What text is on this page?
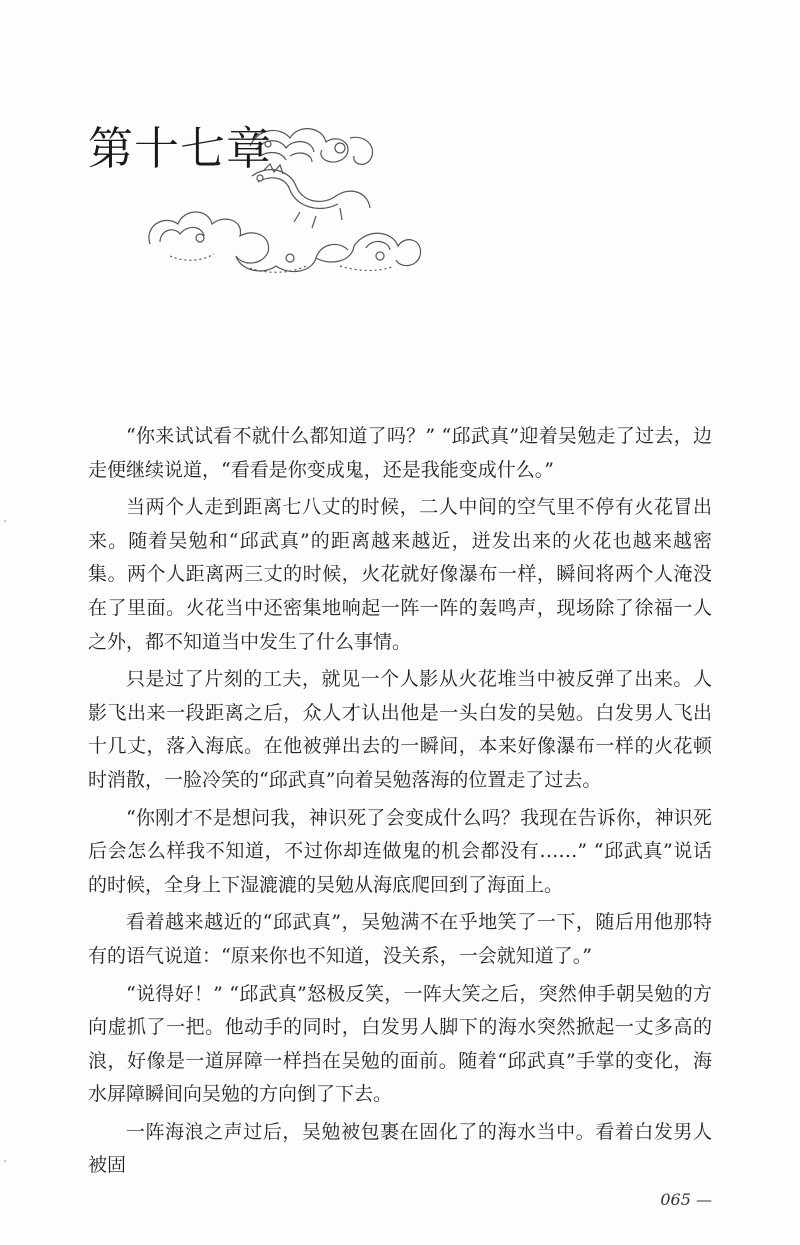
第十七章

“你来试试看不就什么都知道了吗？” “邱武真”迎着吴勉走了过去，边走便继续说道，“看看是你变成鬼，还是我能变成什么。”

当两个人走到距离七八丈的时候，二人中间的空气里不停有火花冒出来。随着吴勉和“邱武真”的距离越来越近，迸发出来的火花也越来越密集。两个人距离两三丈的时候，火花就好像瀑布一样，瞬间将两个人淹没在了里面。火花当中还密集地响起一阵一阵的轰鸣声，现场除了徐福一人之外，都不知道当中发生了什么事情。

只是过了片刻的工夫，就见一个人影从火花堆当中被反弹了出来。人影飞出来一段距离之后，众人才认出他是一头白发的吴勉。白发男人飞出十几丈，落入海底。在他被弹出去的一瞬间，本来好像瀑布一样的火花顿时消散，一脸冷笑的“邱武真”向着吴勉落海的位置走了过去。

“你刚才不是想问我，神识死了会变成什么吗？我现在告诉你，神识死后会怎么样我不知道，不过你却连做鬼的机会都没有……” “邱武真”说话的时候，全身上下湿漉漉的吴勉从海底爬回到了海面上。

看着越来越近的“邱武真”，吴勉满不在乎地笑了一下，随后用他那特有的语气说道：“原来你也不知道，没关系，一会就知道了。”

“说得好！” “邱武真”怒极反笑，一阵大笑之后，突然伸手朝吴勉的方向虚抓了一把。他动手的同时，白发男人脚下的海水突然掀起一丈多高的浪，好像是一道屏障一样挡在吴勉的面前。随着“邱武真”手掌的变化，海水屏障瞬间向吴勉的方向倒了下去。

一阵海浪之声过后，吴勉被包裹在固化了的海水当中。看着白发男人被固

065 —
